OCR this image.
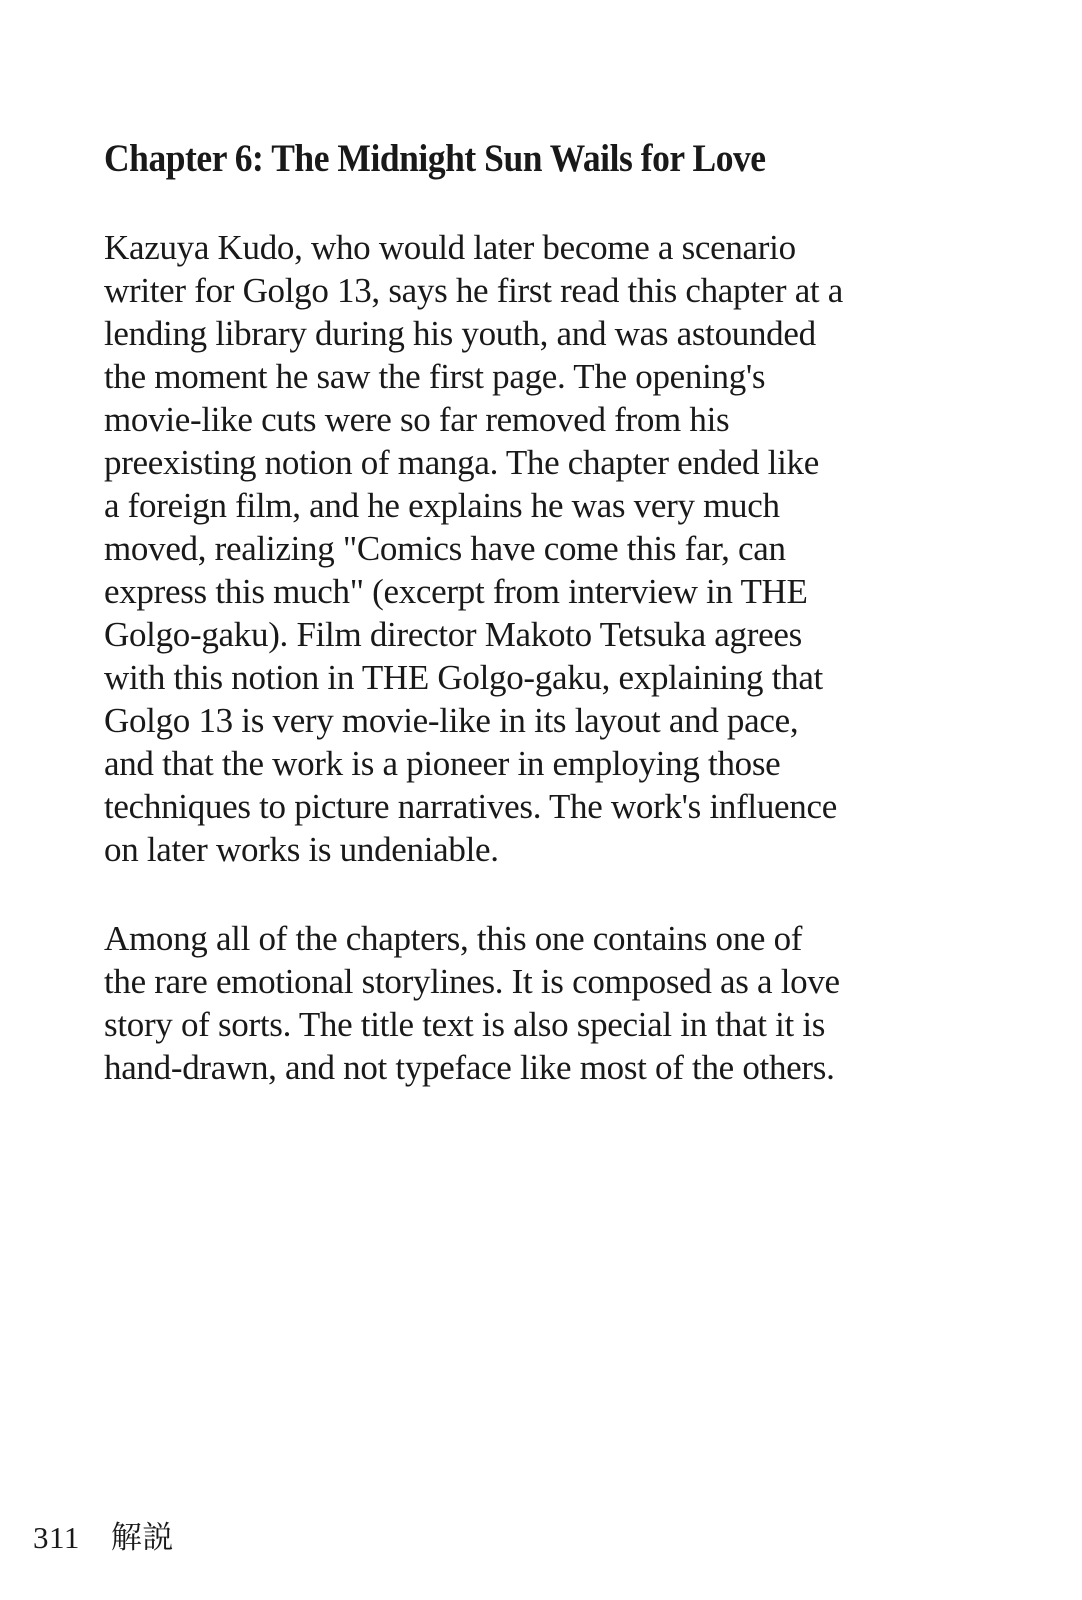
Chapter 6: The Midnight Sun Wails for Love
Kazuya Kudo, who would later become a scenario
writer for Golgo 13, says he first read this chapter at a
lending library during his youth, and was astounded
the moment he saw the first page. The opening's
movie-like cuts were so far removed from his
preexisting notion of manga. The chapter ended like
a foreign film, and he explains he was very much
moved, realizing "Comics have come this far, can
express this much" (excerpt from interview in THE
Golgo-gaku). Film director Makoto Tetsuka agrees
with this notion in THE Golgo-gaku, explaining that
Golgo 13 is very movie-like in its layout and pace,
and that the work is a pioneer in employing those
techniques to picture narratives. The work's influence
on later works is undeniable.
Among all of the chapters, this one contains one of
the rare emotional storylines. It is composed as a love
story of sorts. The title text is also special in that it is
hand-drawn, and not typeface like most of the others.
311 解説
